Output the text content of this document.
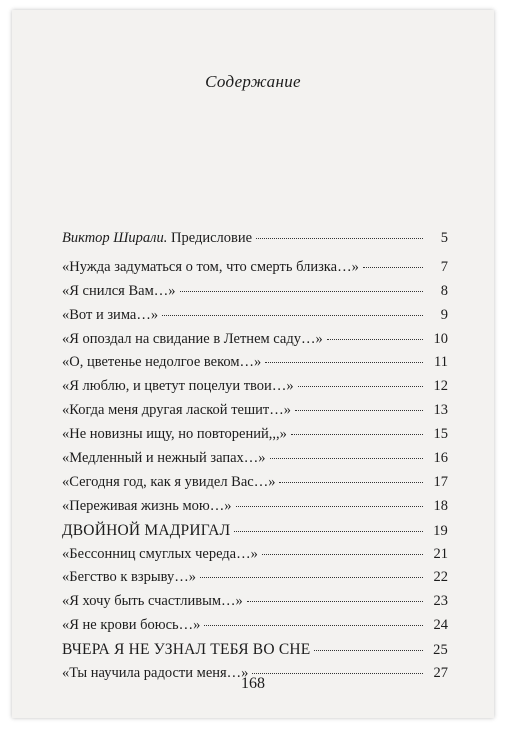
Содержание
Виктор Ширали.
Предисловие	5
«Нужда задуматься о том, что смерть близка…»	7
«Я снился Вам…»	8
«Вот и зима…»	9
«Я опоздал на свидание в Летнем саду…»	10
«О, цветенье недолгое веком…»	11
«Я люблю, и цветут поцелуи твои…»	12
«Когда меня другая лаской тешит…»	13
«Не новизны ищу, но повторений,,,»	15
«Медленный и нежный запах…»	16
«Сегодня год, как я увидел Вас…»	17
«Переживая жизнь мою…»	18
ДВОЙНОЙ МАДРИГАЛ	19
«Бессонниц смуглых череда…»	21
«Бегство к взрыву…»	22
«Я хочу быть счастливым…»	23
«Я не крови боюсь…»	24
ВЧЕРА Я НЕ УЗНАЛ ТЕБЯ ВО СНЕ	25
«Ты научила радости меня…»	27
168
